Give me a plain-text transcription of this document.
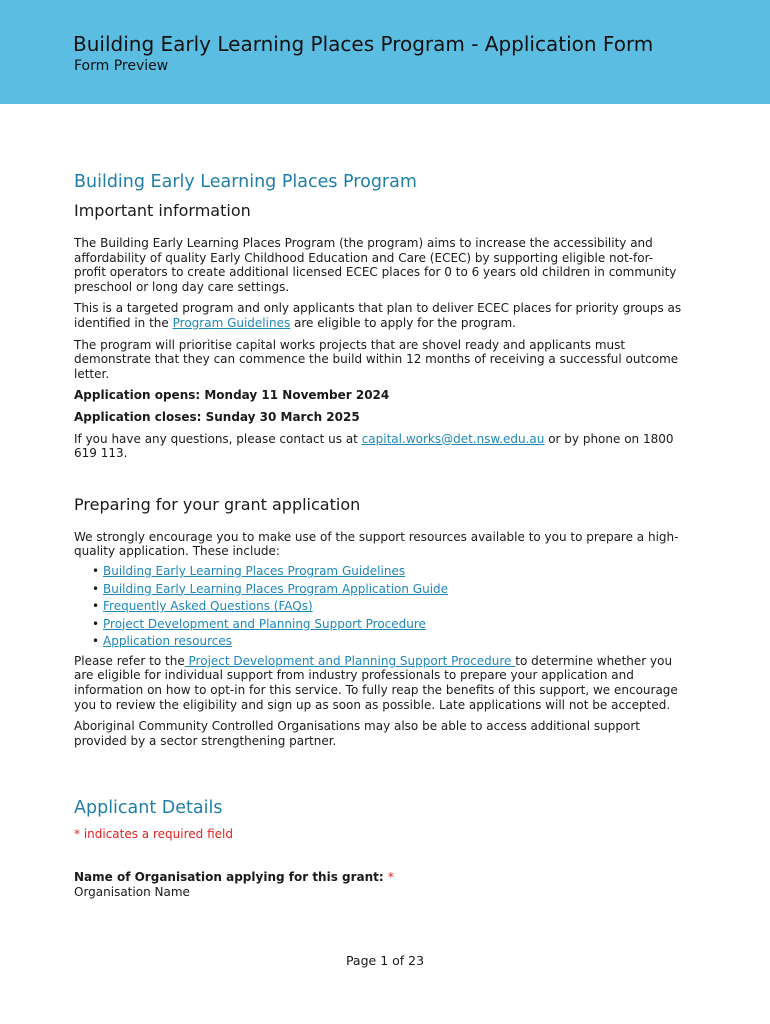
Building Early Learning Places Program - Application Form
Form Preview
Building Early Learning Places Program
Important information

The Building Early Learning Places Program (the program) aims to increase the accessibility and affordability of quality Early Childhood Education and Care (ECEC) by supporting eligible not-for-profit operators to create additional licensed ECEC places for 0 to 6 years old children in community preschool or long day care settings.

This is a targeted program and only applicants that plan to deliver ECEC places for priority groups as identified in the Program Guidelines are eligible to apply for the program.

The program will prioritise capital works projects that are shovel ready and applicants must demonstrate that they can commence the build within 12 months of receiving a successful outcome letter.

Application opens: Monday 11 November 2024

Application closes: Sunday 30 March 2025

If you have any questions, please contact us at capital.works@det.nsw.edu.au or by phone on 1800 619 113.

Preparing for your grant application

We strongly encourage you to make use of the support resources available to you to prepare a high-quality application. These include:

• Building Early Learning Places Program Guidelines
• Building Early Learning Places Program Application Guide
• Frequently Asked Questions (FAQs)
• Project Development and Planning Support Procedure
• Application resources

Please refer to the Project Development and Planning Support Procedure to determine whether you are eligible for individual support from industry professionals to prepare your application and information on how to opt-in for this service. To fully reap the benefits of this support, we encourage you to review the eligibility and sign up as soon as possible. Late applications will not be accepted.

Aboriginal Community Controlled Organisations may also be able to access additional support provided by a sector strengthening partner.

Applicant Details

* indicates a required field

Name of Organisation applying for this grant: *

Organisation Name

Page 1 of 23
